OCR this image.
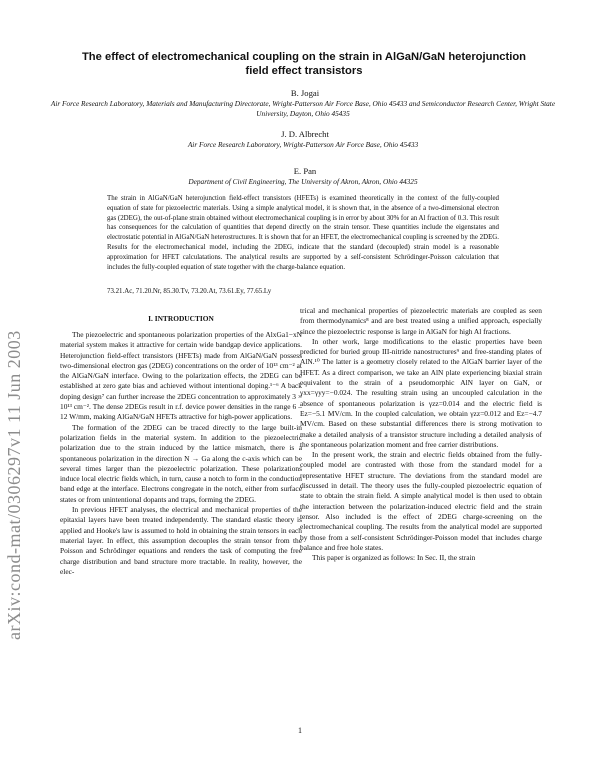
arXiv:cond-mat/0306297v1 11 Jun 2003
The effect of electromechanical coupling on the strain in AlGaN/GaN heterojunction field effect transistors
B. Jogai
Air Force Research Laboratory, Materials and Manufacturing Directorate, Wright-Patterson Air Force Base, Ohio 45433 and Semiconductor Research Center, Wright State University, Dayton, Ohio 45435
J. D. Albrecht
Air Force Research Laboratory, Wright-Patterson Air Force Base, Ohio 45433
E. Pan
Department of Civil Engineering, The University of Akron, Akron, Ohio 44325
The strain in AlGaN/GaN heterojunction field-effect transistors (HFETs) is examined theoretically in the context of the fully-coupled equation of state for piezoelectric materials. Using a simple analytical model, it is shown that, in the absence of a two-dimensional electron gas (2DEG), the out-of-plane strain obtained without electromechanical coupling is in error by about 30% for an Al fraction of 0.3. This result has consequences for the calculation of quantities that depend directly on the strain tensor. These quantities include the eigenstates and electrostatic potential in AlGaN/GaN heterostructures. It is shown that for an HFET, the electromechanical coupling is screened by the 2DEG. Results for the electromechanical model, including the 2DEG, indicate that the standard (decoupled) strain model is a reasonable approximation for HFET calculatations. The analytical results are supported by a self-consistent Schrödinger-Poisson calculation that includes the fully-coupled equation of state together with the charge-balance equation.
73.21.Ac, 71.20.Nr, 85.30.Tv, 73.20.At, 73.61.Ey, 77.65.Ly
I. INTRODUCTION

The piezoelectric and spontaneous polarization properties of the AlxGa1−xN material system makes it attractive for certain wide bandgap device applications. Heterojunction field-effect transistors (HFETs) made from AlGaN/GaN possess two-dimensional electron gas (2DEG) concentrations on the order of 10¹³ cm⁻² at the AlGaN/GaN interface. Owing to the polarization effects, the 2DEG can be established at zero gate bias and achieved without intentional doping.¹⁻⁶ A back doping design⁷ can further increase the 2DEG concentration to approximately 3 × 10¹³ cm⁻². The dense 2DEGs result in r.f. device power densities in the range 6 – 12 W/mm, making AlGaN/GaN HFETs attractive for high-power applications.

The formation of the 2DEG can be traced directly to the large built-in polarization fields in the material system. In addition to the piezoelectric polarization due to the strain induced by the lattice mismatch, there is a spontaneous polarization in the direction N → Ga along the c-axis which can be several times larger than the piezoelectric polarization. These polarizations induce local electric fields which, in turn, cause a notch to form in the conduction band edge at the interface. Electrons congregate in the notch, either from surface states or from unintentional dopants and traps, forming the 2DEG.

In previous HFET analyses, the electrical and mechanical properties of the epitaxial layers have been treated independently. The standard elastic theory is applied and Hooke's law is assumed to hold in obtaining the strain tensors in each material layer. In effect, this assumption decouples the strain tensor from the Poisson and Schrödinger equations and renders the task of computing the free charge distribution and band structure more tractable. In reality, however, the elec-

trical and mechanical properties of piezoelectric materials are coupled as seen from thermodynamics⁸ and are best treated using a unified approach, especially since the piezoelectric response is large in AlGaN for high Al fractions.

In other work, large modifications to the elastic properties have been predicted for buried group III-nitride nanostructures⁹ and free-standing plates of AlN.¹⁰ The latter is a geometry closely related to the AlGaN barrier layer of the HFET. As a direct comparison, we take an AlN plate experiencing biaxial strain equivalent to the strain of a pseudomorphic AlN layer on GaN, or γxx=γyy=−0.024. The resulting strain using an uncoupled calculation in the absence of spontaneous polarization is γzz=0.014 and the electric field is Ez=−5.1 MV/cm. In the coupled calculation, we obtain γzz=0.012 and Ez=−4.7 MV/cm. Based on these substantial differences there is strong motivation to make a detailed analysis of a transistor structure including a detailed analysis of the spontaneous polarization moment and free carrier distributions.

In the present work, the strain and electric fields obtained from the fully-coupled model are contrasted with those from the standard model for a representative HFET structure. The deviations from the standard model are discussed in detail. The theory uses the fully-coupled piezoelectric equation of state to obtain the strain field. A simple analytical model is then used to obtain the interaction between the polarization-induced electric field and the strain tensor. Also included is the effect of 2DEG charge-screening on the electromechanical coupling. The results from the analytical model are supported by those from a self-consistent Schrödinger-Poisson model that includes charge balance and free hole states.

This paper is organized as follows: In Sec. II, the strain

1
